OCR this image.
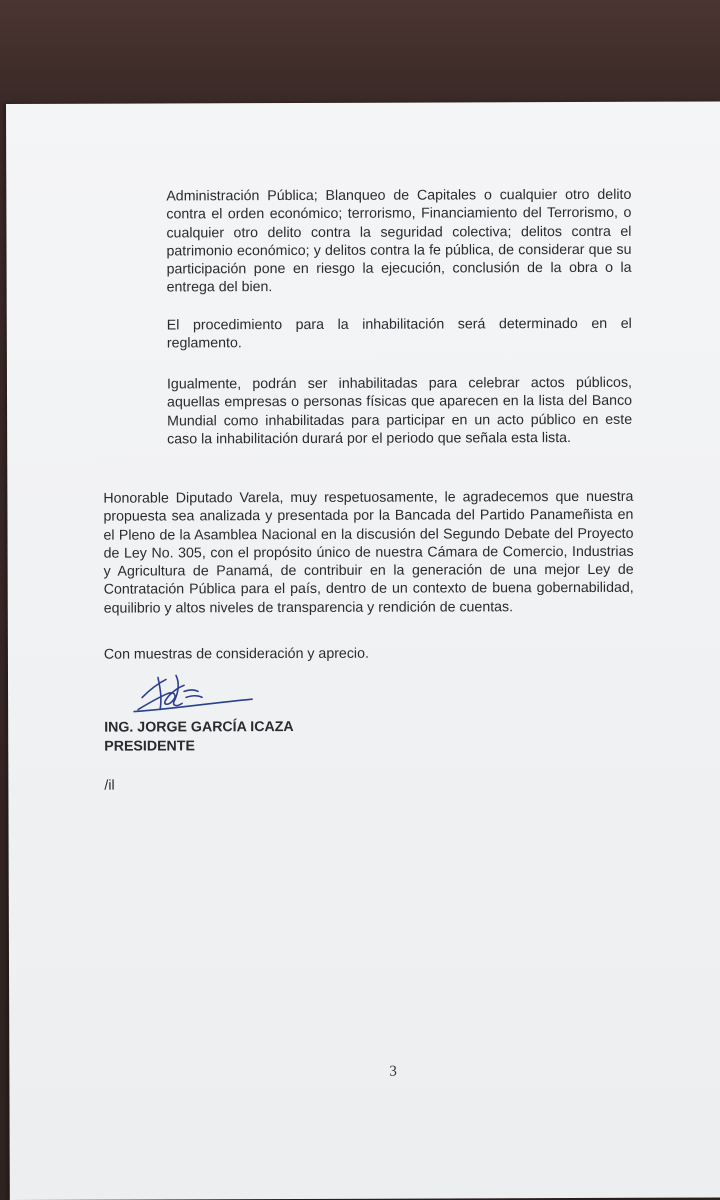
Administración Pública; Blanqueo de Capitales o cualquier otro delito contra el orden económico; terrorismo, Financiamiento del Terrorismo, o cualquier otro delito contra la seguridad colectiva; delitos contra el patrimonio económico; y delitos contra la fe pública, de considerar que su participación pone en riesgo la ejecución, conclusión de la obra o la entrega del bien.
El procedimiento para la inhabilitación será determinado en el reglamento.
Igualmente, podrán ser inhabilitadas para celebrar actos públicos, aquellas empresas o personas físicas que aparecen en la lista del Banco Mundial como inhabilitadas para participar en un acto público en este caso la inhabilitación durará por el periodo que señala esta lista.
Honorable Diputado Varela, muy respetuosamente, le agradecemos que nuestra propuesta sea analizada y presentada por la Bancada del Partido Panameñista en el Pleno de la Asamblea Nacional en la discusión del Segundo Debate del Proyecto de Ley No. 305, con el propósito único de nuestra Cámara de Comercio, Industrias y Agricultura de Panamá, de contribuir en la generación de una mejor Ley de Contratación Pública para el país, dentro de un contexto de buena gobernabilidad, equilibrio y altos niveles de transparencia y rendición de cuentas.
Con muestras de consideración y aprecio.
ING. JORGE GARCÍA ICAZA
PRESIDENTE
/il
3
